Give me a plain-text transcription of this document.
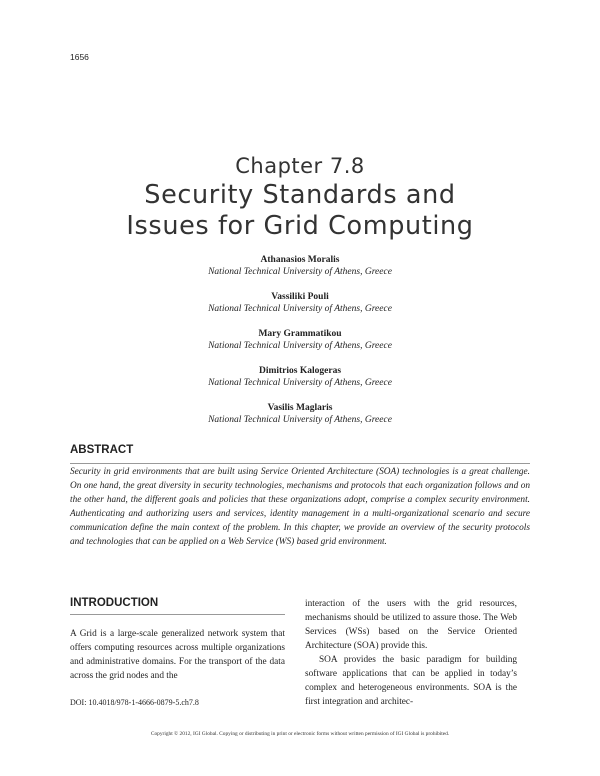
1656
Chapter 7.8
Security Standards and
Issues for Grid Computing
Athanasios Moralis
National Technical University of Athens, Greece
Vassiliki Pouli
National Technical University of Athens, Greece
Mary Grammatikou
National Technical University of Athens, Greece
Dimitrios Kalogeras
National Technical University of Athens, Greece
Vasilis Maglaris
National Technical University of Athens, Greece
ABSTRACT
Security in grid environments that are built using Service Oriented Architecture (SOA) technologies is a great challenge. On one hand, the great diversity in security technologies, mechanisms and protocols that each organization follows and on the other hand, the different goals and policies that these organizations adopt, comprise a complex security environment. Authenticating and authorizing users and services, identity management in a multi-organizational scenario and secure communication define the main context of the problem. In this chapter, we provide an overview of the security protocols and technologies that can be applied on a Web Service (WS) based grid environment.
INTRODUCTION

A Grid is a large-scale generalized network system that offers computing resources across multiple organizations and administrative domains. For the transport of the data across the grid nodes and the

interaction of the users with the grid resources, mechanisms should be utilized to assure those. The Web Services (WSs) based on the Service Oriented Architecture (SOA) provide this.

SOA provides the basic paradigm for building software applications that can be applied in today’s complex and heterogeneous environments. SOA is the first integration and architec-

DOI: 10.4018/978-1-4666-0879-5.ch7.8
Copyright © 2012, IGI Global. Copying or distributing in print or electronic forms without written permission of IGI Global is prohibited.
